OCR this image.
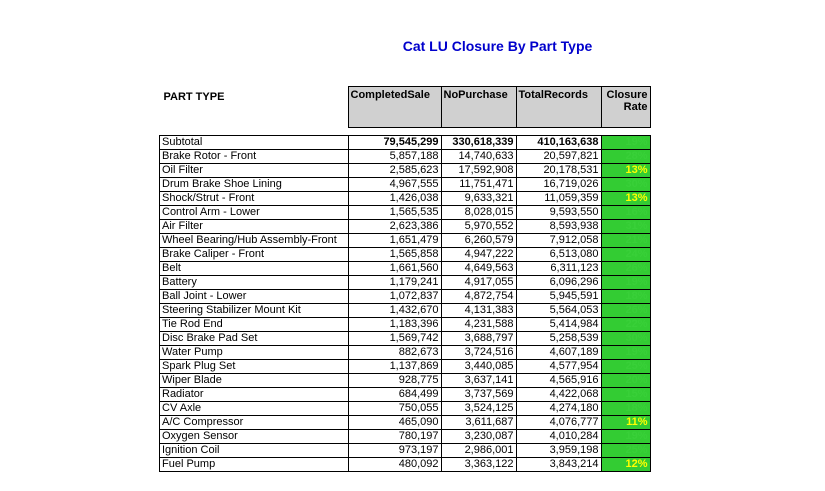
Cat LU Closure By Part Type
PART TYPE	CompletedSale	NoPurchase	TotalRecords	Closure
Rate

Subtotal	79,545,299	330,618,339	410,163,638	19%
Brake Rotor - Front	5,857,188	14,740,633	20,597,821	28%
Oil Filter	2,585,623	17,592,908	20,178,531	13%
Drum Brake Shoe Lining	4,967,555	11,751,471	16,719,026	30%
Shock/Strut - Front	1,426,038	9,633,321	11,059,359	13%
Control Arm - Lower	1,565,535	8,028,015	9,593,550	16%
Air Filter	2,623,386	5,970,552	8,593,938	31%
Wheel Bearing/Hub Assembly-Front	1,651,479	6,260,579	7,912,058	21%
Brake Caliper - Front	1,565,858	4,947,222	6,513,080	24%
Belt	1,661,560	4,649,563	6,311,123	26%
Battery	1,179,241	4,917,055	6,096,296	19%
Ball Joint - Lower	1,072,837	4,872,754	5,945,591	18%
Steering Stabilizer Mount Kit	1,432,670	4,131,383	5,564,053	26%
Tie Rod End	1,183,396	4,231,588	5,414,984	22%
Disc Brake Pad Set	1,569,742	3,688,797	5,258,539	30%
Water Pump	882,673	3,724,516	4,607,189	19%
Spark Plug Set	1,137,869	3,440,085	4,577,954	25%
Wiper Blade	928,775	3,637,141	4,565,916	20%
Radiator	684,499	3,737,569	4,422,068	15%
CV Axle	750,055	3,524,125	4,274,180	18%
A/C Compressor	465,090	3,611,687	4,076,777	11%
Oxygen Sensor	780,197	3,230,087	4,010,284	19%
Ignition Coil	973,197	2,986,001	3,959,198	25%
Fuel Pump	480,092	3,363,122	3,843,214	12%
